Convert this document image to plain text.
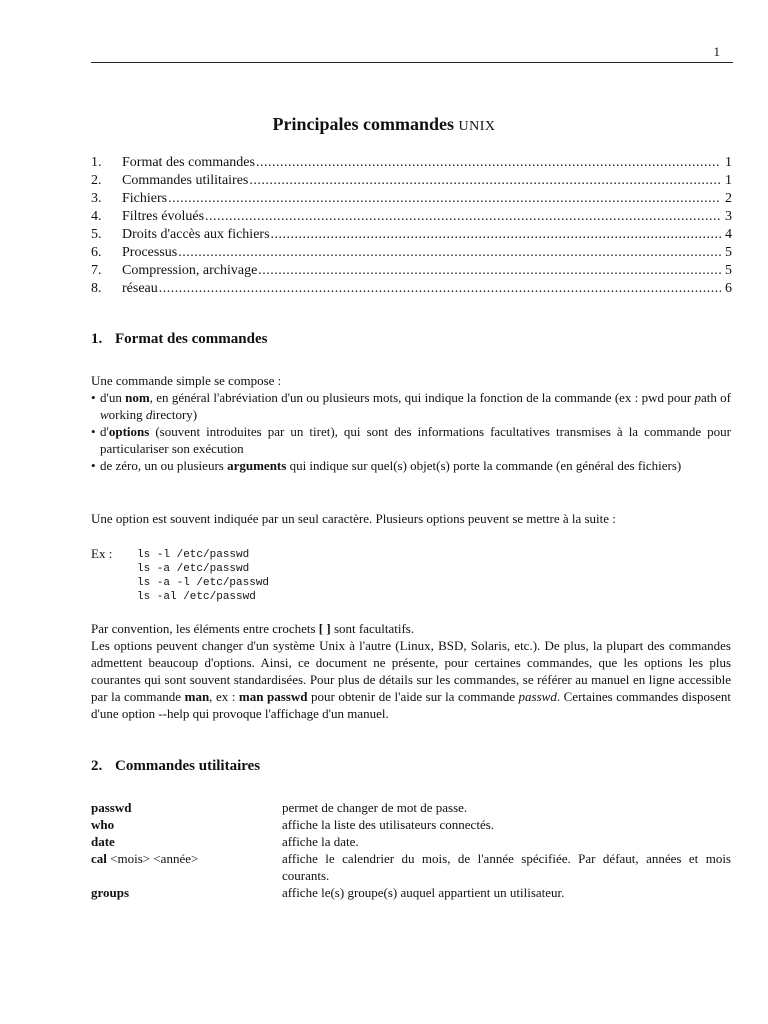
1
Principales commandes UNIX
1.	Format des commandes .....	1
2.	Commandes utilitaires .....	1
3.	Fichiers .....	2
4.	Filtres évolués .....	3
5.	Droits d'accès aux fichiers .....	4
6.	Processus .....	5
7.	Compression, archivage .....	5
8.	réseau .....	6
1. Format des commandes

Une commande simple se compose :

• d'un nom, en général l'abréviation d'un ou plusieurs mots, qui indique la fonction de la commande (ex : pwd pour path of working directory)
• d'options (souvent introduites par un tiret), qui sont des informations facultatives transmises à la commande pour particulariser son exécution
• de zéro, un ou plusieurs arguments qui indique sur quel(s) objet(s) porte la commande (en général des fichiers)

Une option est souvent indiquée par un seul caractère. Plusieurs options peuvent se mettre à la suite :

Ex :	ls -l /etc/passwd
ls -a /etc/passwd
ls -a -l /etc/passwd
ls -al /etc/passwd

Par convention, les éléments entre crochets [ ] sont facultatifs.

Les options peuvent changer d'un système Unix à l'autre (Linux, BSD, Solaris, etc.). De plus, la plupart des commandes admettent beaucoup d'options. Ainsi, ce document ne présente, pour certaines commandes, que les options les plus courantes qui sont souvent standardisées. Pour plus de détails sur les commandes, se référer au manuel en ligne accessible par la commande man, ex : man passwd pour obtenir de l'aide sur la commande passwd. Certaines commandes disposent d'une option --help qui provoque l'affichage d'un manuel.

2. Commandes utilitaires
passwd	permet de changer de mot de passe.
who	affiche la liste des utilisateurs connectés.
date	affiche la date.
cal <mois> <année>	affiche le calendrier du mois, de l'année spécifiée. Par défaut, années et mois courants.
groups	affiche le(s) groupe(s) auquel appartient un utilisateur.
